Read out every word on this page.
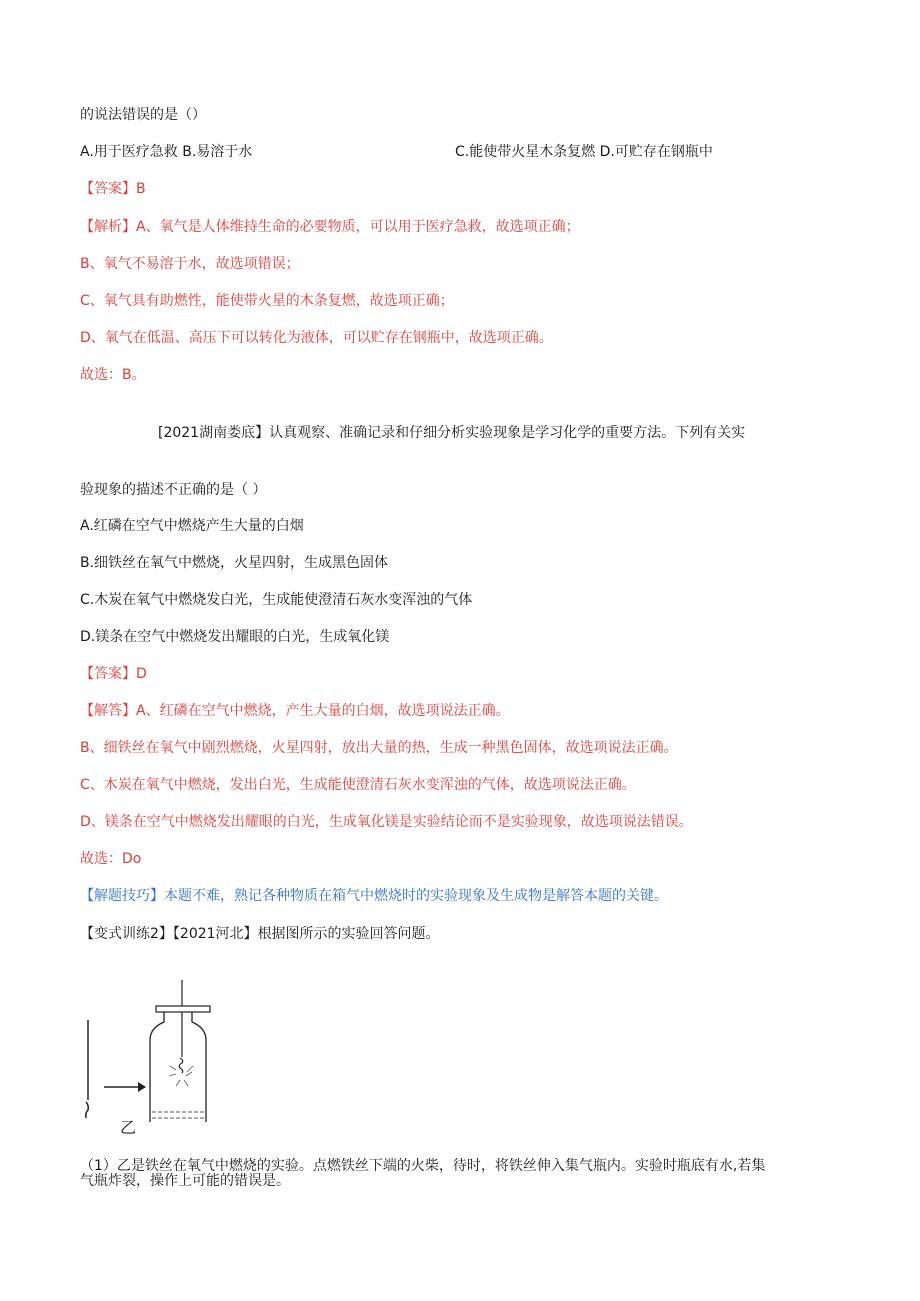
的说法错误的是（）
A.用于医疗急救 B.易溶于水	C.能使带火星木条复燃 D.可贮存在钢瓶中
【答案】B
【解析】A、氧气是人体维持生命的必要物质，可以用于医疗急救，故选项正确；
B、氧气不易溶于水，故选项错误；
C、氧气具有助燃性，能使带火星的木条复燃，故选项正确；
D、氧气在低温、高压下可以转化为液体，可以贮存在钢瓶中，故选项正确。
故选：B。
[2021湖南娄底】认真观察、准确记录和仔细分析实验现象是学习化学的重要方法。下列有关实
验现象的描述不正确的是（ ）
A.红磷在空气中燃烧产生大量的白烟
B.细铁丝在氧气中燃烧，火星四射，生成黑色固体
C.木炭在氧气中燃烧发白光，生成能使澄清石灰水变浑浊的气体
D.镁条在空气中燃烧发出耀眼的白光，生成氧化镁
【答案】D
【解答】A、红磷在空气中燃烧，产生大量的白烟，故选项说法正确。
B、细铁丝在氧气中剧烈燃烧，火星四射，放出大量的热，生成一种黑色固体，故选项说法正确。
C、木炭在氧气中燃烧，发出白光，生成能使澄清石灰水变浑浊的气体，故选项说法正确。
D、镁条在空气中燃烧发出耀眼的白光，生成氧化镁是实验结论而不是实验现象，故选项说法错误。
故选：Do
【解题技巧】本题不难，熟记各种物质在箱气中燃烧时的实验现象及生成物是解答本题的关键。
【变式训练2】【2021河北】根据图所示的实验回答问题。
乙
（1）乙是铁丝在氧气中燃烧的实验。点燃铁丝下端的火柴，待时，将铁丝伸入集气瓶内。实验时瓶底有水,若集
气瓶炸裂，操作上可能的错误是。
